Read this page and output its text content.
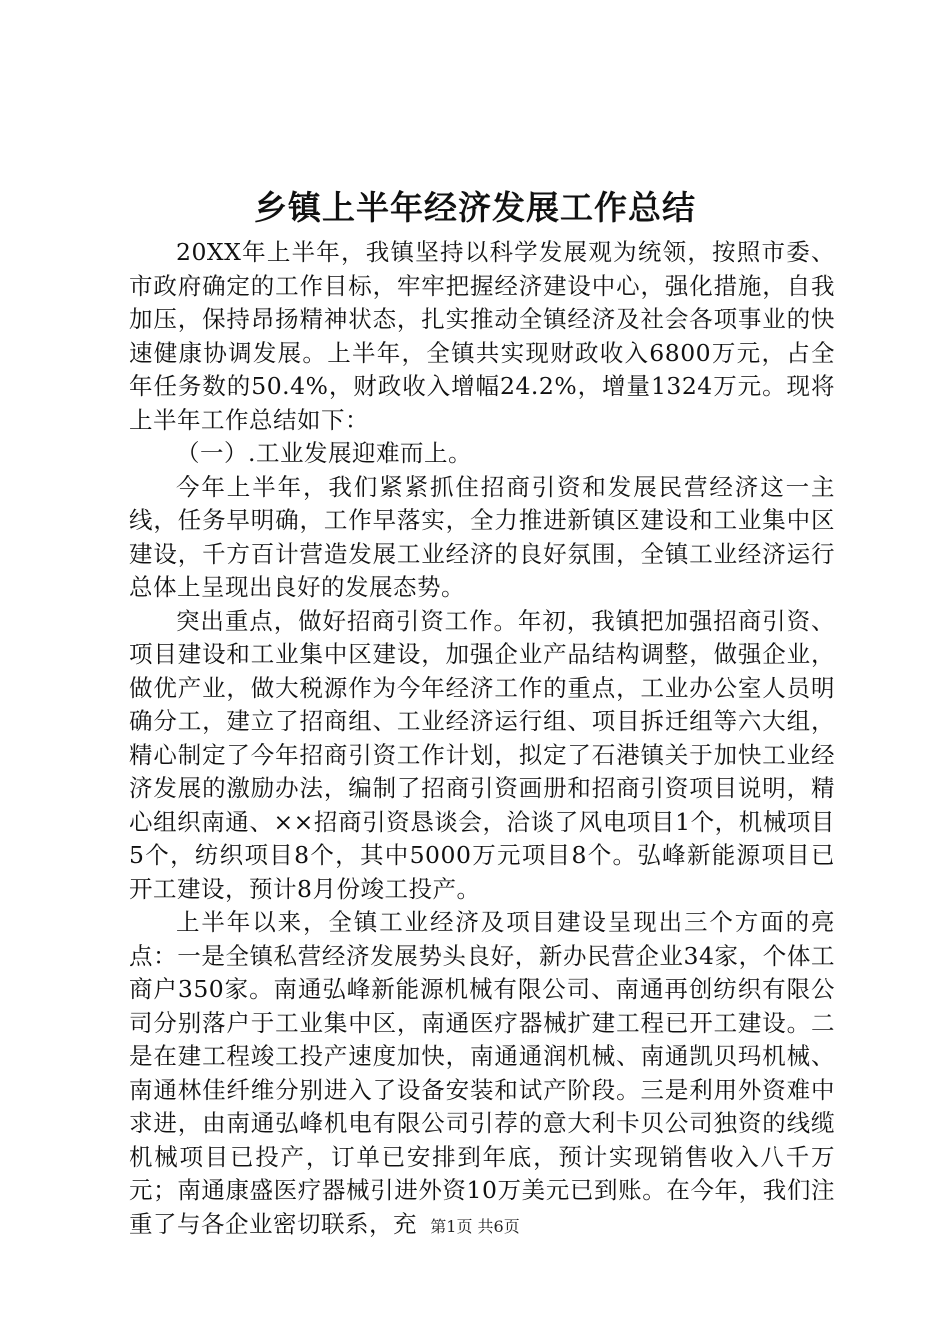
乡镇上半年经济发展工作总结

20XX年上半年，我镇坚持以科学发展观为统领，按照市委、市政府确定的工作目标，牢牢把握经济建设中心，强化措施，自我加压，保持昂扬精神状态，扎实推动全镇经济及社会各项事业的快速健康协调发展。上半年，全镇共实现财政收入6800万元，占全年任务数的50.4%，财政收入增幅24.2%，增量1324万元。现将上半年工作总结如下：

（一）.工业发展迎难而上。

今年上半年，我们紧紧抓住招商引资和发展民营经济这一主线，任务早明确，工作早落实，全力推进新镇区建设和工业集中区建设，千方百计营造发展工业经济的良好氛围，全镇工业经济运行总体上呈现出良好的发展态势。

突出重点，做好招商引资工作。年初，我镇把加强招商引资、项目建设和工业集中区建设，加强企业产品结构调整，做强企业，做优产业，做大税源作为今年经济工作的重点，工业办公室人员明确分工，建立了招商组、工业经济运行组、项目拆迁组等六大组，精心制定了今年招商引资工作计划，拟定了石港镇关于加快工业经济发展的激励办法，编制了招商引资画册和招商引资项目说明，精心组织南通、××招商引资恳谈会，洽谈了风电项目1个，机械项目5个，纺织项目8个，其中5000万元项目8个。弘峰新能源项目已开工建设，预计8月份竣工投产。

上半年以来，全镇工业经济及项目建设呈现出三个方面的亮点：一是全镇私营经济发展势头良好，新办民营企业34家，个体工商户350家。南通弘峰新能源机械有限公司、南通再创纺织有限公司分别落户于工业集中区，南通医疗器械扩建工程已开工建设。二是在建工程竣工投产速度加快，南通通润机械、南通凯贝玛机械、南通林佳纤维分别进入了设备安装和试产阶段。三是利用外资难中求进，由南通弘峰机电有限公司引荐的意大利卡贝公司独资的线缆机械项目已投产，订单已安排到年底，预计实现销售收入八千万元；南通康盛医疗器械引进外资10万美元已到账。在今年，我们注重了与各企业密切联系，充 第1页 共6页
